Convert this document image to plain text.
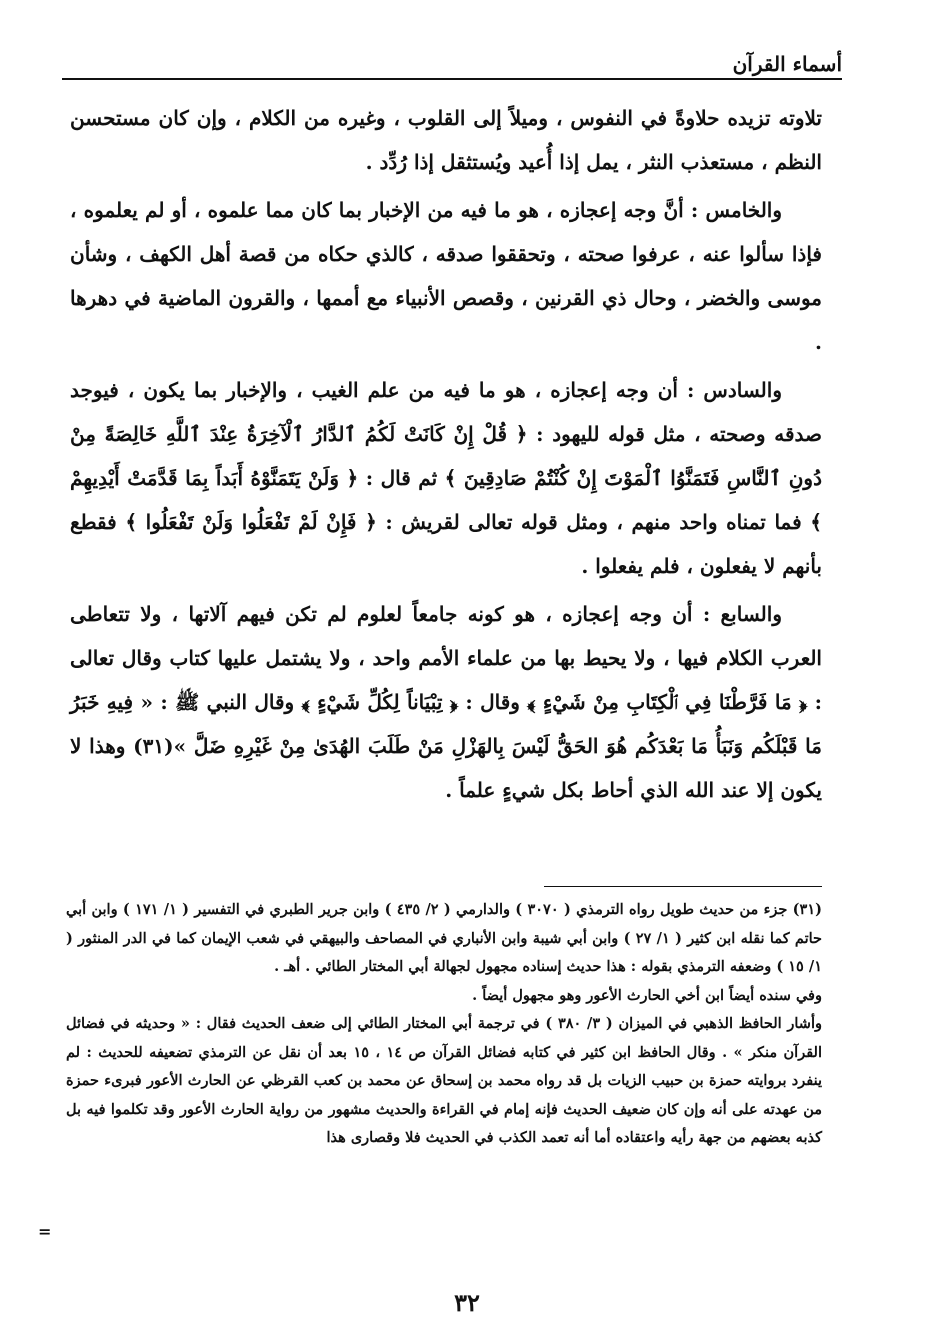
أسماء القرآن

تلاوته تزيده حلاوةً في النفوس ، وميلاً إلى القلوب ، وغيره من الكلام ، وإن كان مستحسن النظم ، مستعذب النثر ، يمل إذا أُعيد ويُستثقل إذا رُدِّد .

والخامس : أنَّ وجه إعجازه ، هو ما فيه من الإخبار بما كان مما علموه ، أو لم يعلموه ، فإذا سألوا عنه ، عرفوا صحته ، وتحققوا صدقه ، كالذي حكاه من قصة أهل الكهف ، وشأن موسى والخضر ، وحال ذي القرنين ، وقصص الأنبياء مع أممها ، والقرون الماضية في دهرها .

والسادس : أن وجه إعجازه ، هو ما فيه من علم الغيب ، والإخبار بما يكون ، فيوجد صدقه وصحته ، مثل قوله لليهود : ﴿ قُلْ إِنْ كَانَتْ لَكُمُ ٱلدَّارُ ٱلْآخِرَةُ عِنْدَ ٱللَّهِ خَالِصَةً مِنْ دُونِ ٱلنَّاسِ فَتَمَنَّوُا ٱلْمَوْتَ إِنْ كُنْتُمْ صَادِقِينَ ﴾ ثم قال : ﴿ وَلَنْ يَتَمَنَّوْهُ أَبَداً بِمَا قَدَّمَتْ أَيْدِيهِمْ ﴾ فما تمناه واحد منهم ، ومثل قوله تعالى لقريش : ﴿ فَإِنْ لَمْ تَفْعَلُوا وَلَنْ تَفْعَلُوا ﴾ فقطع بأنهم لا يفعلون ، فلم يفعلوا .

والسابع : أن وجه إعجازه ، هو كونه جامعاً لعلوم لم تكن فيهم آلاتها ، ولا تتعاطى العرب الكلام فيها ، ولا يحيط بها من علماء الأمم واحد ، ولا يشتمل عليها كتاب وقال تعالى : ﴿ مَا فَرَّطْنَا فِي ٱلْكِتَابِ مِنْ شَيْءٍ ﴾ وقال : ﴿ تِبْيَاناً لِكُلِّ شَيْءٍ ﴾ وقال النبي ﷺ : « فِيهِ خَبَرُ مَا قَبْلَكُم وَنَبَأُ مَا بَعْدَكُم هُوَ الحَقُّ لَيْسَ بِالهَزْلِ مَنْ طَلَبَ الهُدَىٰ مِنْ غَيْرِهِ ضَلَّ »(٣١) وهذا لا يكون إلا عند الله الذي أحاط بكل شيءٍ علماً .

(٣١) جزء من حديث طويل رواه الترمذي ( ٣٠٧٠ ) والدارمي ( ٢/ ٤٣٥ ) وابن جرير الطبري في التفسير ( ١/ ١٧١ ) وابن أبي حاتم كما نقله ابن كثير ( ١/ ٢٧ ) وابن أبي شيبة وابن الأنباري في المصاحف والبيهقي في شعب الإيمان كما في الدر المنثور ( ١/ ١٥ ) وضعفه الترمذي بقوله : هذا حديث إسناده مجهول لجهالة أبي المختار الطائي . أهـ .

وفي سنده أيضاً ابن أخي الحارث الأعور وهو مجهول أيضاً .

وأشار الحافظ الذهبي في الميزان ( ٣/ ٣٨٠ ) في ترجمة أبي المختار الطائي إلى ضعف الحديث فقال : « وحديثه في فضائل القرآن منكر » . وقال الحافظ ابن كثير في كتابه فضائل القرآن ص ١٤ ، ١٥ بعد أن نقل عن الترمذي تضعيفه للحديث : لم ينفرد بروايته حمزة بن حبيب الزيات بل قد رواه محمد بن إسحاق عن محمد بن كعب القرظي عن الحارث الأعور فبرىء حمزة من عهدته على أنه وإن كان ضعيف الحديث فإنه إمام في القراءة والحديث مشهور من رواية الحارث الأعور وقد تكلموا فيه بل كذبه بعضهم من جهة رأيه واعتقاده أما أنه تعمد الكذب في الحديث فلا وقصارى هذا

=
٣٢
